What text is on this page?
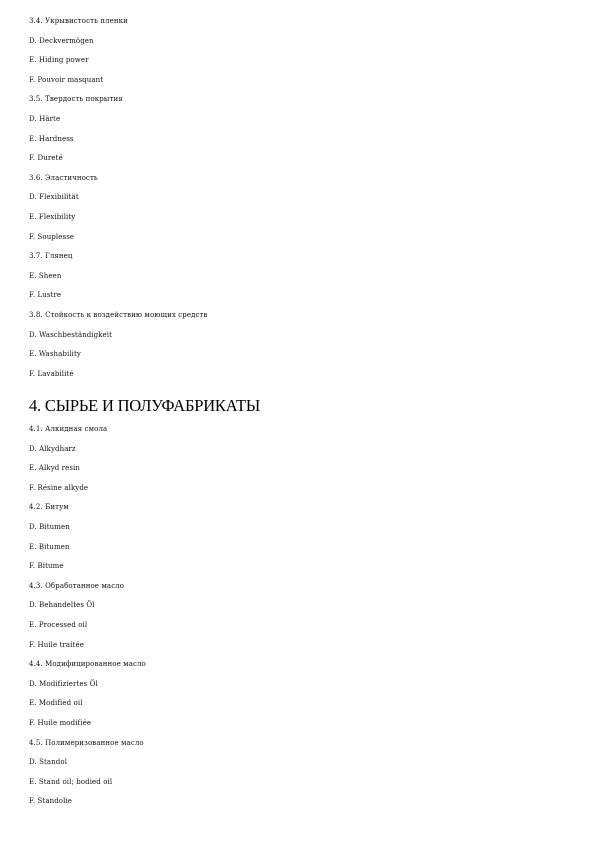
3.4. Укрывистость пленки
D. Deckvermögen
E. Hiding power
F. Pouvoir masquant
3.5. Твердость покрытия
D. Härte
E. Hardness
F. Dureté
3.6. Эластичность
D. Flexibilität
E. Flexibility
F. Souplesse
3.7. Глянец
E. Sheen
F. Lustre
3.8. Стойкость к воздействию моющих средств
D. Waschbeständigkeit
E. Washability
F. Lavabilité
4. СЫРЬЕ И ПОЛУФАБРИКАТЫ
4.1. Алкидная смола
D. Alkydharz
E. Alkyd resin
F. Résine alkyde
4.2. Битум
D. Bitumen
E. Bitumen
F. Bitume
4.3. Обработанное масло
D. Behandeltes Öl
E. Processed oil
F. Huile traitée
4.4. Модифицированное масло
D. Modifiziertes Öl
E. Modified oil
F. Huile modifiée
4.5. Полимеризованное масло
D. Standol
E. Stand oil; bodied oil
F. Standolie
